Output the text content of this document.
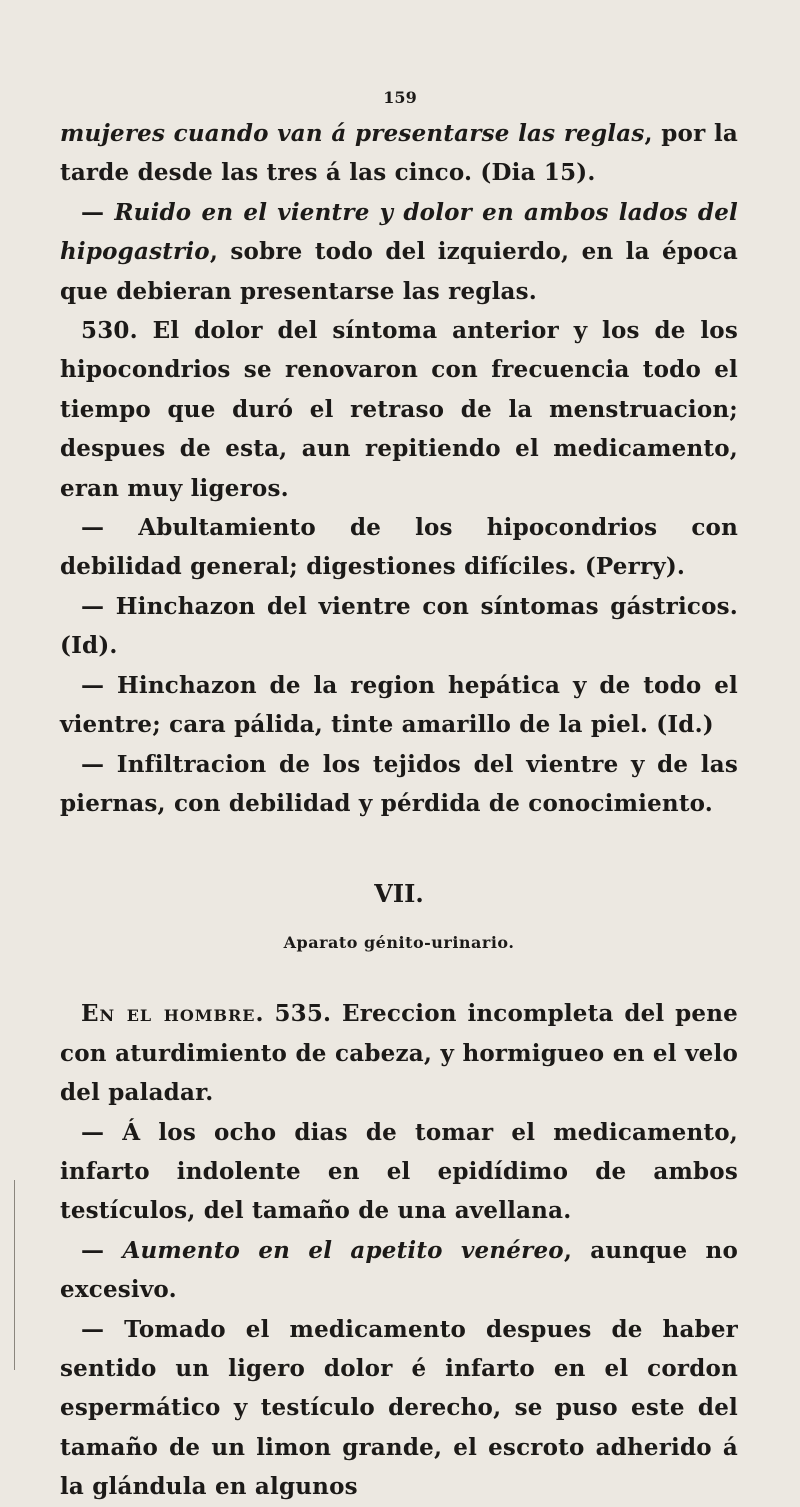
159

mujeres cuando van á presentarse las reglas, por la tarde desde las tres á las cinco. (Dia 15).

— Ruido en el vientre y dolor en ambos lados del hipogastrio, sobre todo del izquierdo, en la época que debieran presentarse las reglas.

530. El dolor del síntoma anterior y los de los hipocondrios se renovaron con frecuencia todo el tiempo que duró el retraso de la menstruacion; despues de esta, aun repitiendo el medicamento, eran muy ligeros.

— Abultamiento de los hipocondrios con debilidad general; digestiones difíciles. (Perry).

— Hinchazon del vientre con síntomas gástricos. (Id).

— Hinchazon de la region hepática y de todo el vientre; cara pálida, tinte amarillo de la piel. (Id.)

— Infiltracion de los tejidos del vientre y de las piernas, con debilidad y pérdida de conocimiento.

VII.
Aparato génito-urinario.

En el hombre. 535. Ereccion incompleta del pene con aturdimiento de cabeza, y hormigueo en el velo del paladar.

— Á los ocho dias de tomar el medicamento, infarto indolente en el epidídimo de ambos testículos, del tamaño de una avellana.

— Aumento en el apetito venéreo, aunque no excesivo.

— Tomado el medicamento despues de haber sentido un ligero dolor é infarto en el cordon espermático y testículo derecho, se puso este del tamaño de un limon grande, el escroto adherido á la glándula en algunos
